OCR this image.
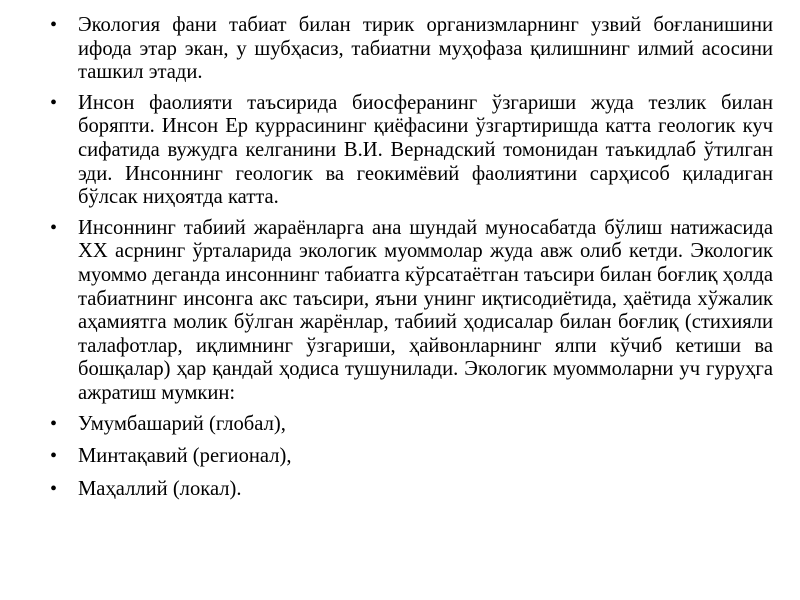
• Экология фани табиат билан тирик организмларнинг узвий боғланишини ифода этар экан, у шубҳасиз, табиатни муҳофаза қилишнинг илмий асосини ташкил этади.
• Инсон фаолияти таъсирида биосферанинг ўзгариши жуда тезлик билан боряпти. Инсон Ер куррасининг қиёфасини ўзгартиришда катта геологик куч сифатида вужудга келганини В.И. Вернадский томонидан таъкидлаб ўтилган эди. Инсоннинг геологик ва геокимёвий фаолиятини сарҳисоб қиладиган бўлсак ниҳоятда катта.
• Инсоннинг табиий жараёнларга ана шундай муносабатда бўлиш натижасида XX асрнинг ўрталарида экологик муоммолар жуда авж олиб кетди. Экологик муоммо деганда инсоннинг табиатга кўрсатаётган таъсири билан боғлиқ ҳолда табиатнинг инсонга акс таъсири, яъни унинг иқтисодиётида, ҳаётида хўжалик аҳамиятга молик бўлган жарёнлар, табиий ҳодисалар билан боғлиқ (стихияли талафотлар, иқлимнинг ўзгариши, ҳайвонларнинг ялпи кўчиб кетиши ва бошқалар) ҳар қандай ҳодиса тушунилади. Экологик муоммоларни уч гуруҳга ажратиш мумкин:
• Умумбашарий (глобал),
• Минтақавий (регионал),
• Маҳаллий (локал).
